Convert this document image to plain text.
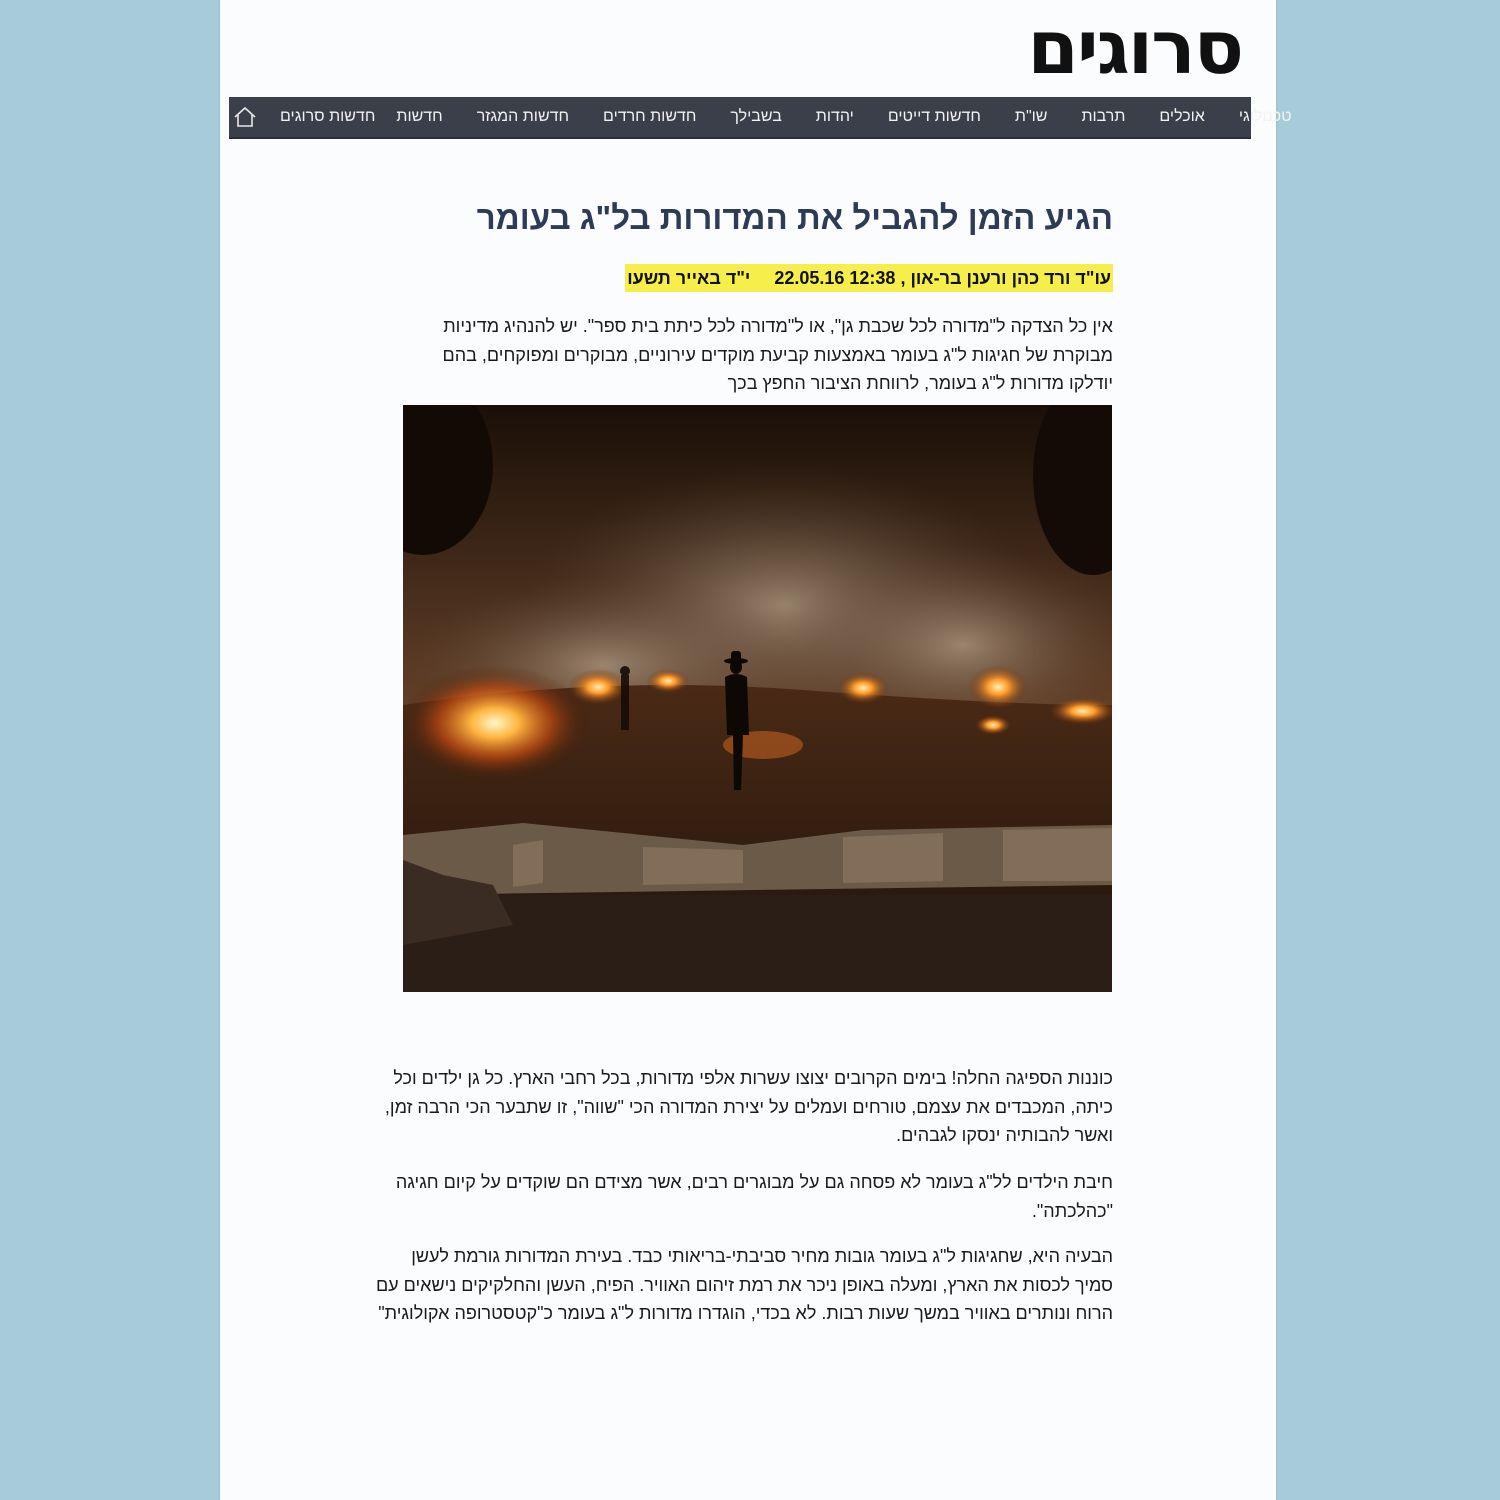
סרוגים
חדשות סרוגים	חדשות	חדשות המגזר	חדשות חרדים	בשבילך	יהדות	חדשות דייטים	שו"ת	תרבות	אוכלים	טכנולוגי
הגיע הזמן להגביל את המדורות בל"ג בעומר
עו"ד ורד כהן ורענן בר-און , 22.05.16 12:38  י"ד באייר תשעו

אין כל הצדקה ל"מדורה לכל שכבת גן", או ל"מדורה לכל כיתת בית ספר". יש להנהיג מדיניות מבוקרת של חגיגות ל"ג בעומר באמצעות קביעת מוקדים עירוניים, מבוקרים ומפוקחים, בהם יודלקו מדורות ל"ג בעומר, לרווחת הציבור החפץ בכך

כוננות הספיגה החלה! בימים הקרובים יצוצו עשרות אלפי מדורות, בכל רחבי הארץ. כל גן ילדים וכל כיתה, המכבדים את עצמם, טורחים ועמלים על יצירת המדורה הכי "שווה", זו שתבער הכי הרבה זמן, ואשר להבותיה ינסקו לגבהים.

חיבת הילדים לל"ג בעומר לא פסחה גם על מבוגרים רבים, אשר מצידם הם שוקדים על קיום חגיגה "כהלכתה".

הבעיה היא, שחגיגות ל"ג בעומר גובות מחיר סביבתי-בריאותי כבד. בעירת המדורות גורמת לעשן סמיך לכסות את הארץ, ומעלה באופן ניכר את רמת זיהום האוויר. הפיח, העשן והחלקיקים נישאים עם הרוח ונותרים באוויר במשך שעות רבות. לא בכדי, הוגדרו מדורות ל"ג בעומר כ"קטסטרופה אקולוגית"
